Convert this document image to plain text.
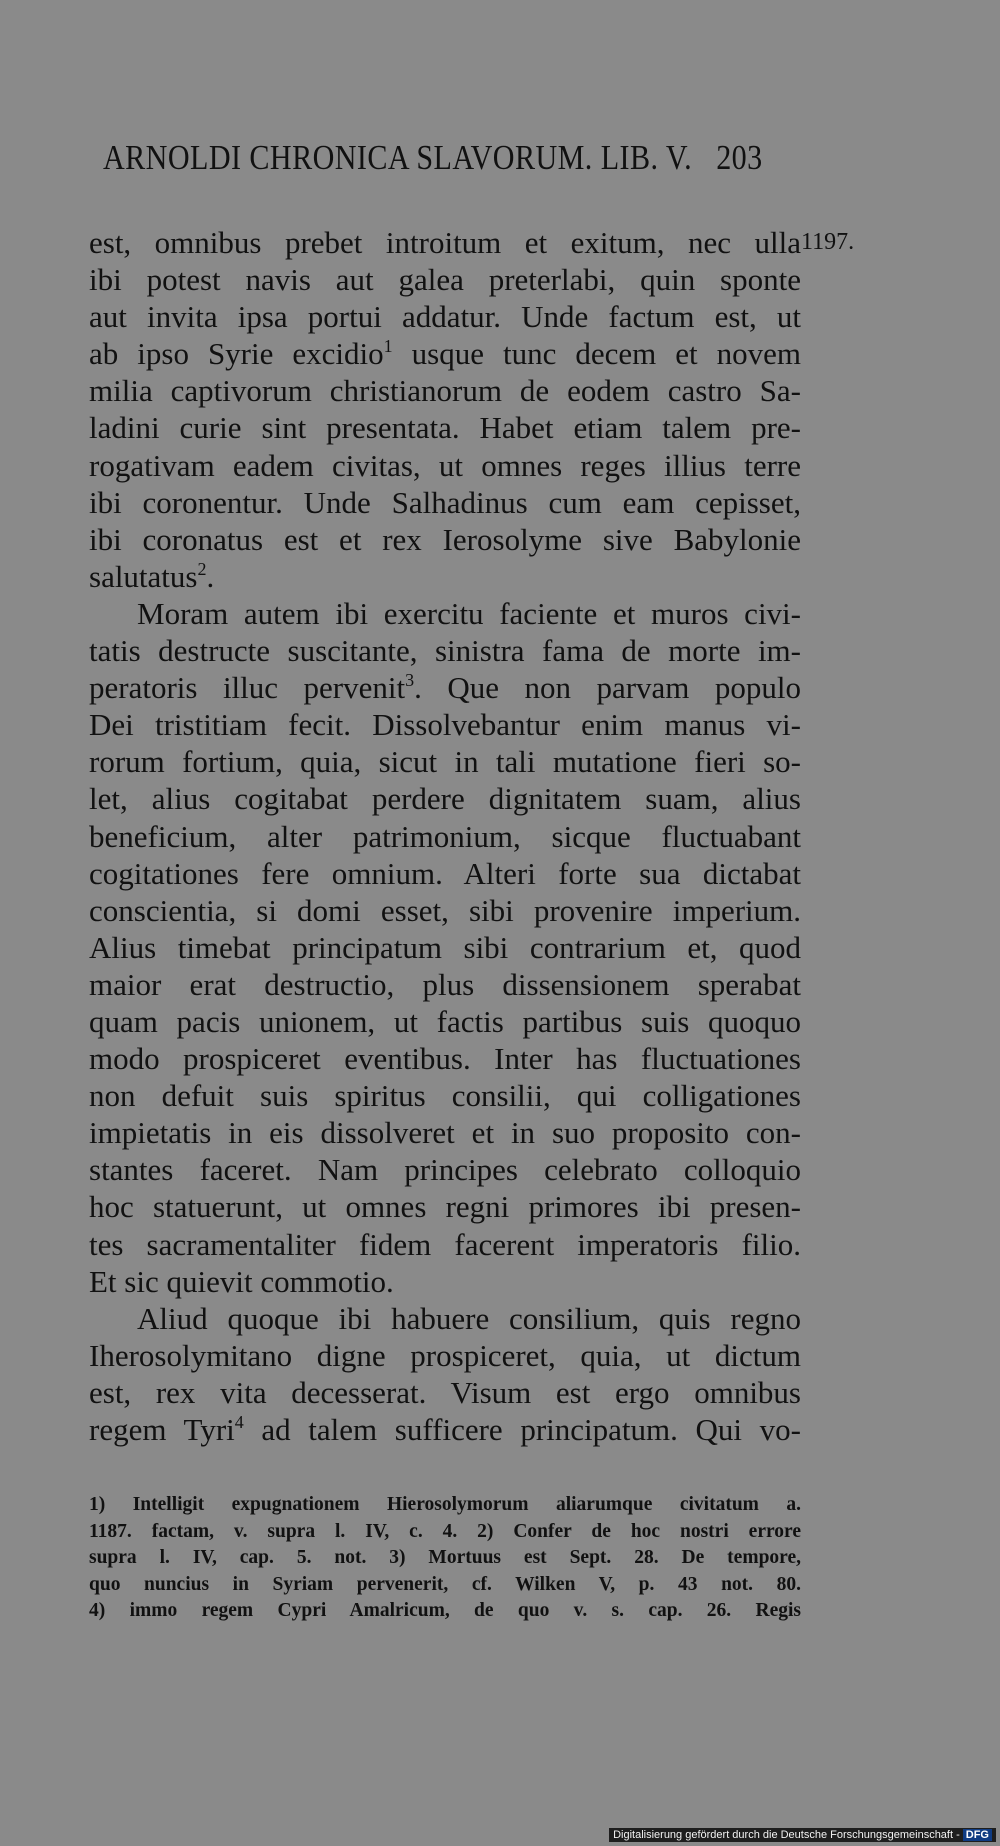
ARNOLDI CHRONICA SLAVORUM. LIB. V. 203
1197.
est, omnibus prebet introitum et exitum, nec ulla
ibi potest navis aut galea preterlabi, quin sponte
aut invita ipsa portui addatur. Unde factum est, ut
ab ipso Syrie excidio$^1$ usque tunc decem et novem
milia captivorum christianorum de eodem castro Sa-
ladini curie sint presentata. Habet etiam talem pre-
rogativam eadem civitas, ut omnes reges illius terre
ibi coronentur. Unde Salhadinus cum eam cepisset,
ibi coronatus est et rex Ierosolyme sive Babylonie
salutatus$^2$.
Moram autem ibi exercitu faciente et muros civi-
tatis destructe suscitante, sinistra fama de morte im-
peratoris illuc pervenit$^3$. Que non parvam populo
Dei tristitiam fecit. Dissolvebantur enim manus vi-
rorum fortium, quia, sicut in tali mutatione fieri so-
let, alius cogitabat perdere dignitatem suam, alius
beneficium, alter patrimonium, sicque fluctuabant
cogitationes fere omnium. Alteri forte sua dictabat
conscientia, si domi esset, sibi provenire imperium.
Alius timebat principatum sibi contrarium et, quod
maior erat destructio, plus dissensionem sperabat
quam pacis unionem, ut factis partibus suis quoquo
modo prospiceret eventibus. Inter has fluctuationes
non defuit suis spiritus consilii, qui colligationes
impietatis in eis dissolveret et in suo proposito con-
stantes faceret. Nam principes celebrato colloquio
hoc statuerunt, ut omnes regni primores ibi presen-
tes sacramentaliter fidem facerent imperatoris filio.
Et sic quievit commotio.
Aliud quoque ibi habuere consilium, quis regno
Iherosolymitano digne prospiceret, quia, ut dictum
est, rex vita decesserat. Visum est ergo omnibus
regem Tyri$^4$ ad talem sufficere principatum. Qui vo-
1) Intelligit expugnationem Hierosolymorum aliarumque civitatum a.
1187. factam, v. supra l. IV, c. 4. 2) Confer de hoc nostri errore
supra l. IV, cap. 5. not. 3) Mortuus est Sept. 28. De tempore,
quo nuncius in Syriam pervenerit, cf. Wilken V, p. 43 not. 80.
4) immo regem Cypri Amalricum, de quo v. s. cap. 26. Regis
Digitalisierung gefördert durch die Deutsche Forschungsgemeinschaft - DFG
